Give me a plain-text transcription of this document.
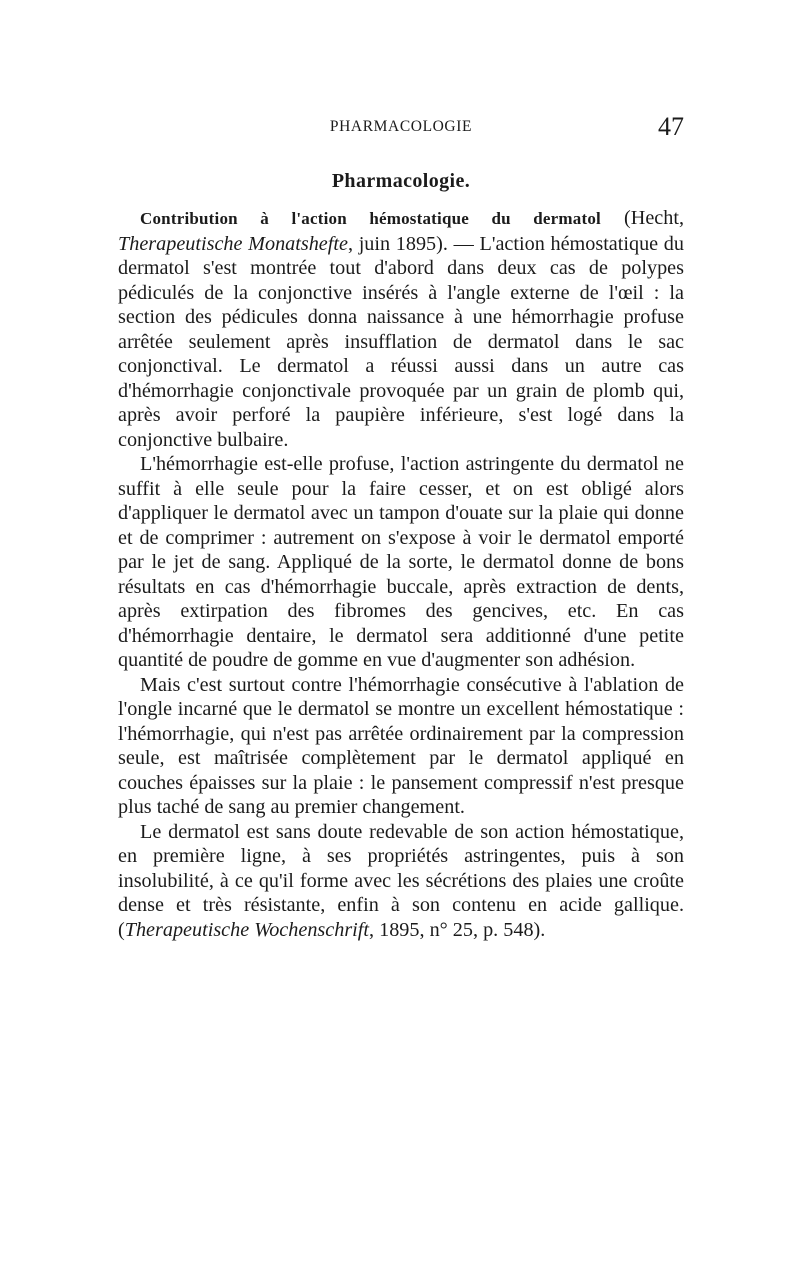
PHARMACOLOGIE	47
Pharmacologie.

Contribution à l'action hémostatique du dermatol (Hecht, Therapeutische Monatshefte, juin 1895). — L'action hémostatique du dermatol s'est montrée tout d'abord dans deux cas de polypes pédiculés de la conjonctive insérés à l'angle externe de l'œil : la section des pédicules donna naissance à une hémorrhagie profuse arrêtée seulement après insufflation de dermatol dans le sac conjonctival. Le dermatol a réussi aussi dans un autre cas d'hémorrhagie conjonctivale provoquée par un grain de plomb qui, après avoir perforé la paupière inférieure, s'est logé dans la conjonctive bulbaire.

L'hémorrhagie est-elle profuse, l'action astringente du dermatol ne suffit à elle seule pour la faire cesser, et on est obligé alors d'appliquer le dermatol avec un tampon d'ouate sur la plaie qui donne et de comprimer : autrement on s'expose à voir le dermatol emporté par le jet de sang. Appliqué de la sorte, le dermatol donne de bons résultats en cas d'hémorrhagie buccale, après extraction de dents, après extirpation des fibromes des gencives, etc. En cas d'hémorrhagie dentaire, le dermatol sera additionné d'une petite quantité de poudre de gomme en vue d'augmenter son adhésion.

Mais c'est surtout contre l'hémorrhagie consécutive à l'ablation de l'ongle incarné que le dermatol se montre un excellent hémostatique : l'hémorrhagie, qui n'est pas arrêtée ordinairement par la compression seule, est maîtrisée complètement par le dermatol appliqué en couches épaisses sur la plaie : le pansement compressif n'est presque plus taché de sang au premier changement.

Le dermatol est sans doute redevable de son action hémostatique, en première ligne, à ses propriétés astringentes, puis à son insolubilité, à ce qu'il forme avec les sécrétions des plaies une croûte dense et très résistante, enfin à son contenu en acide gallique. (Therapeutische Wochenschrift, 1895, n° 25, p. 548).
